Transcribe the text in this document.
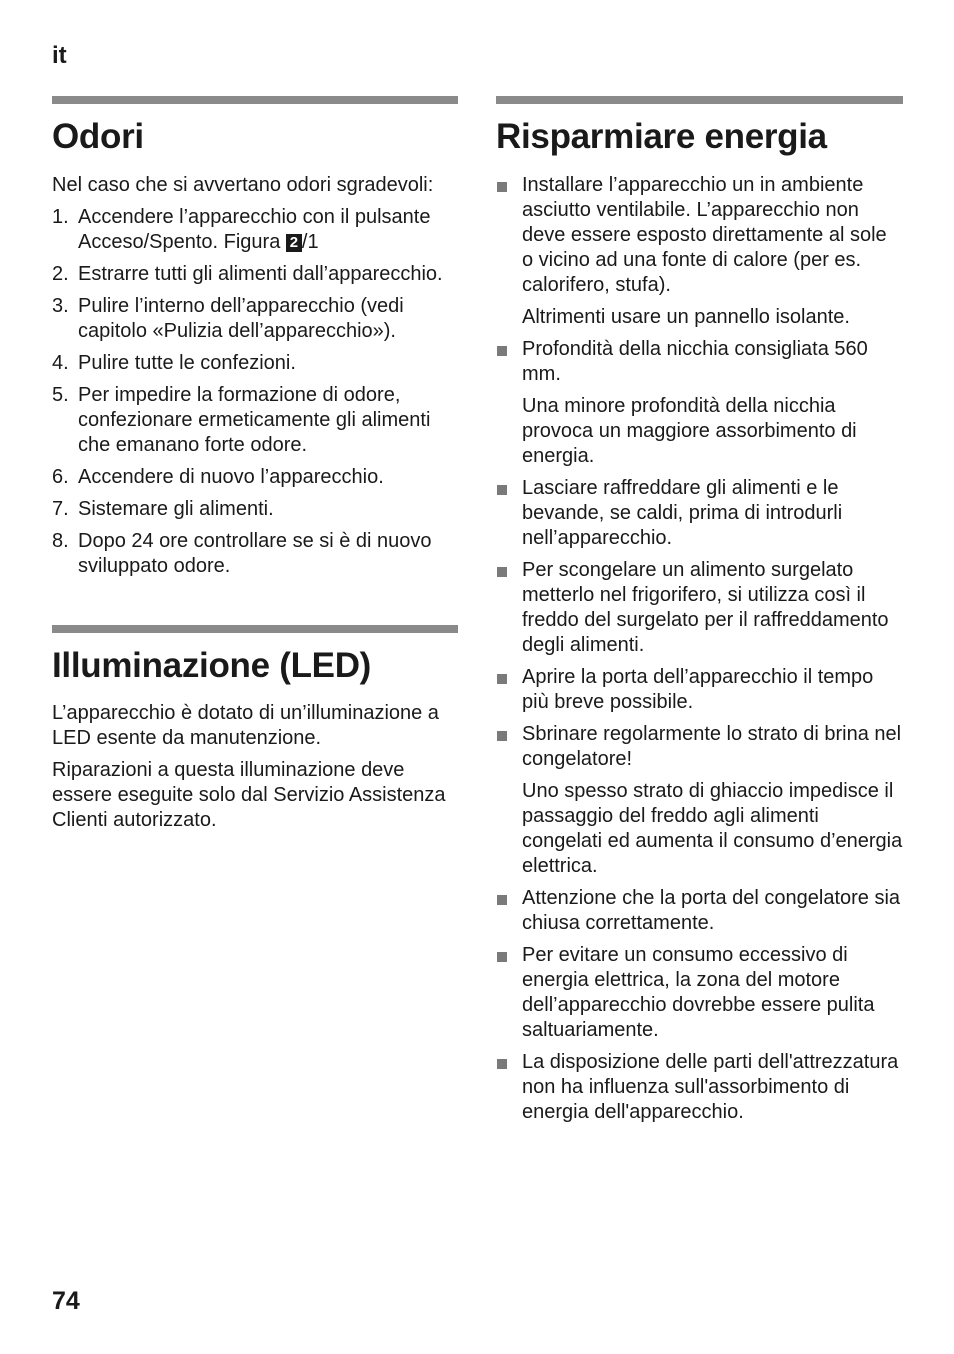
it
Odori

Nel caso che si avvertano odori sgradevoli:

1. Accendere l’apparecchio con il pulsante Acceso/Spento. Figura 2 /1
2. Estrarre tutti gli alimenti dall’apparecchio.
3. Pulire l’interno dell’apparecchio (vedi capitolo «Pulizia dell’apparecchio»).
4. Pulire tutte le confezioni.
5. Per impedire la formazione di odore, confezionare ermeticamente gli alimenti che emanano forte odore.
6. Accendere di nuovo l’apparecchio.
7. Sistemare gli alimenti.
8. Dopo 24 ore controllare se si è di nuovo sviluppato odore.
Illuminazione (LED)

L’apparecchio è dotato di un’illuminazione a LED esente da manutenzione.

Riparazioni a questa illuminazione deve essere eseguite solo dal Servizio Assistenza Clienti autorizzato.

Risparmiare energia

Installare l’apparecchio un in ambiente asciutto ventilabile. L’apparecchio non deve essere esposto direttamente al sole o vicino ad una fonte di calore (per es. calorifero, stufa).

Altrimenti usare un pannello isolante.

Profondità della nicchia consigliata 560 mm.

Una minore profondità della nicchia provoca un maggiore assorbimento di energia.

Lasciare raffreddare gli alimenti e le bevande, se caldi, prima di introdurli nell’apparecchio.

Per scongelare un alimento surgelato metterlo nel frigorifero, si utilizza così il freddo del surgelato per il raffreddamento degli alimenti.

Aprire la porta dell’apparecchio il tempo più breve possibile.

Sbrinare regolarmente lo strato di brina nel congelatore!

Uno spesso strato di ghiaccio impedisce il passaggio del freddo agli alimenti congelati ed aumenta il consumo d’energia elettrica.

Attenzione che la porta del congelatore sia chiusa correttamente.

Per evitare un consumo eccessivo di energia elettrica, la zona del motore dell’apparecchio dovrebbe essere pulita saltuariamente.

La disposizione delle parti dell'attrezzatura non ha influenza sull'assorbimento di energia dell'apparecchio.

74
